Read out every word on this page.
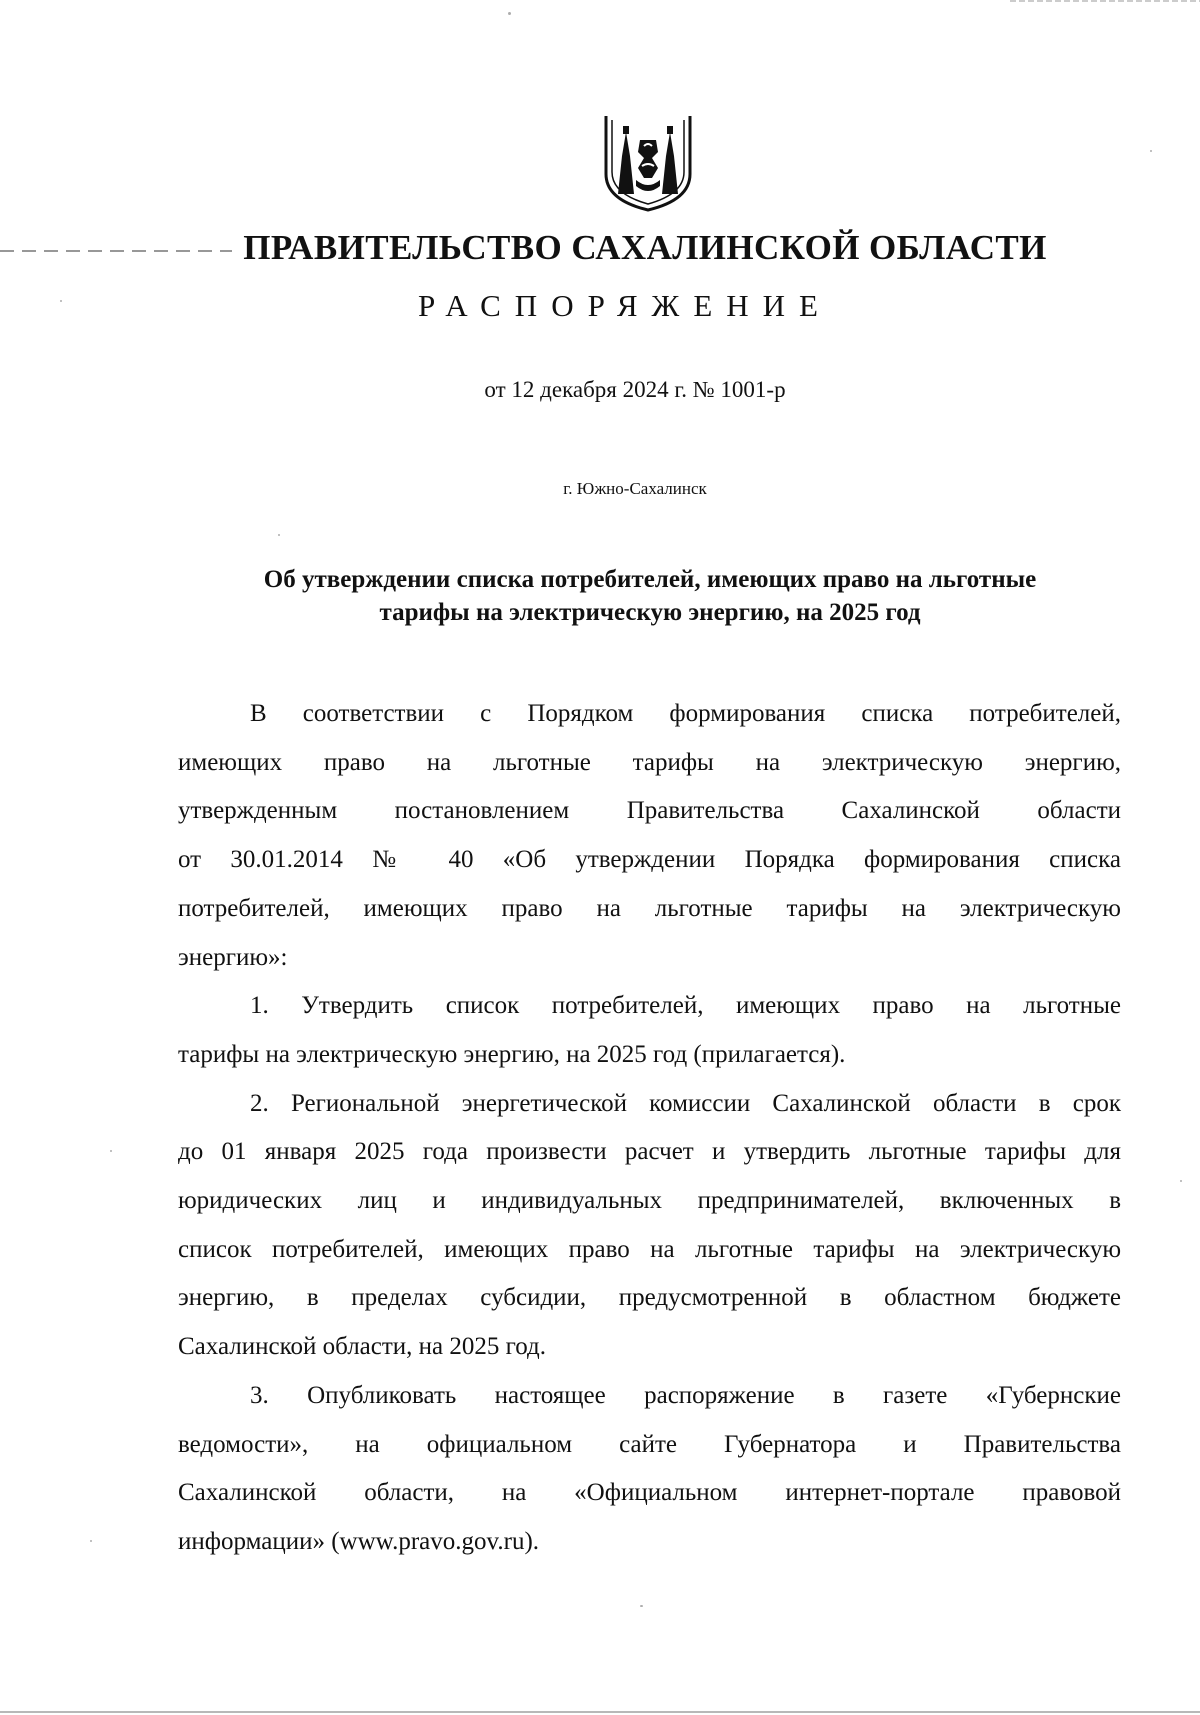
ПРАВИТЕЛЬСТВО САХАЛИНСКОЙ ОБЛАСТИ
РАСПОРЯЖЕНИЕ
от 12 декабря 2024 г. № 1001-р
г. Южно-Сахалинск
Об утверждении списка потребителей, имеющих право на льготные
тарифы на электрическую энергию, на 2025 год

В соответствии с Порядком формирования списка потребителей,
имеющих право на льготные тарифы на электрическую энергию,
утвержденным постановлением Правительства Сахалинской области
от 30.01.2014 № 40 «Об утверждении Порядка формирования списка
потребителей, имеющих право на льготные тарифы на электрическую
энергию»:

1. Утвердить список потребителей, имеющих право на льготные
тарифы на электрическую энергию, на 2025 год (прилагается).

2. Региональной энергетической комиссии Сахалинской области в срок
до 01 января 2025 года произвести расчет и утвердить льготные тарифы для
юридических лиц и индивидуальных предпринимателей, включенных в
список потребителей, имеющих право на льготные тарифы на электрическую
энергию, в пределах субсидии, предусмотренной в областном бюджете
Сахалинской области, на 2025 год.

3. Опубликовать настоящее распоряжение в газете «Губернские
ведомости», на официальном сайте Губернатора и Правительства
Сахалинской области, на «Официальном интернет-портале правовой
информации» (www.pravo.gov.ru).
